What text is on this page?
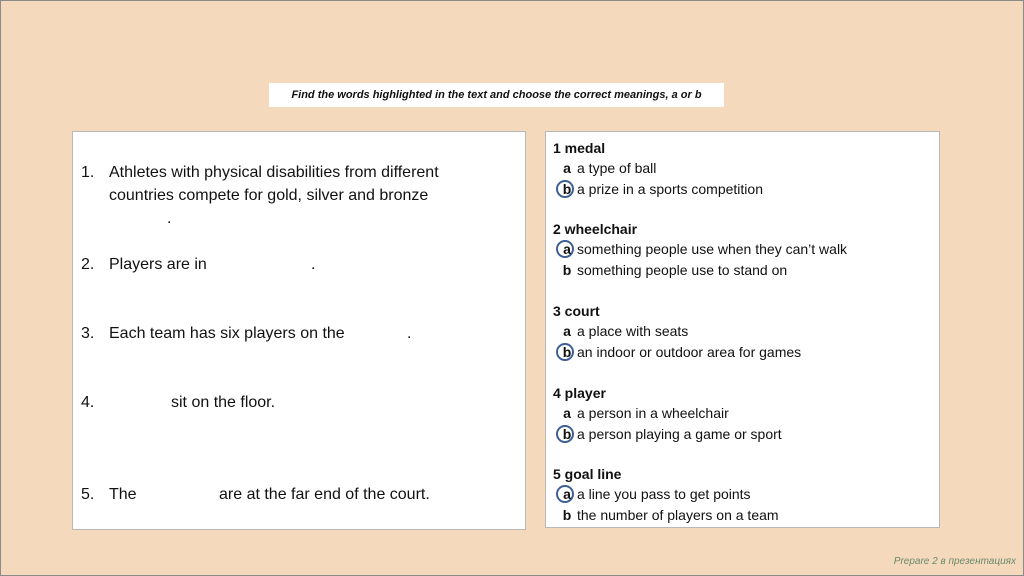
Find the words highlighted in the text and choose the correct meanings, a or b
1. Athletes with physical disabilities from different
countries compete for gold, silver and bronze
.
2. Players are in	.
3. Each team has six players on the	.
4.	sit on the floor.
5. The	are at the far end of the court.
1 medal
a a type of ball
b a prize in a sports competition
2 wheelchair
a something people use when they can’t walk
b something people use to stand on
3 court
a a place with seats
b an indoor or outdoor area for games
4 player
a a person in a wheelchair
b a person playing a game or sport
5 goal line
a a line you pass to get points
b the number of players on a team
Prepare 2 в презентациях
